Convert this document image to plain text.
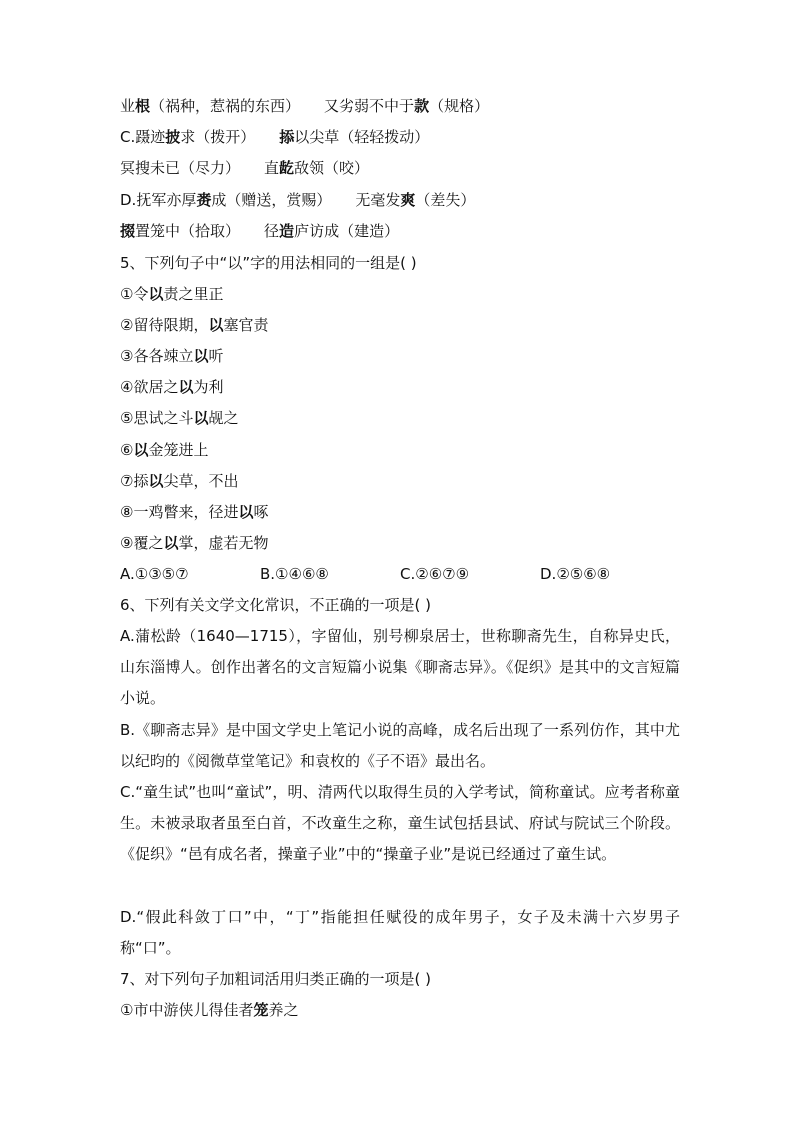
业根（祸种，惹祸的东西） 又劣弱不中于款（规格）
C.蹑迹披求（拨开） 掭以尖草（轻轻拨动）
冥搜未已（尽力） 直龁敌领（咬）
D.抚军亦厚赉成（赠送，赏赐） 无毫发爽（差失）
掇置笼中（拾取） 径造庐访成（建造）
5、下列句子中“以”字的用法相同的一组是( )
①令以责之里正
②留待限期，以塞官责
③各各竦立以听
④欲居之以为利
⑤思试之斗以觇之
⑥以金笼进上
⑦掭以尖草，不出
⑧一鸡瞥来，径进以啄
⑨覆之以掌，虚若无物
A.①③⑤⑦	B.①④⑥⑧	C.②⑥⑦⑨	D.②⑤⑥⑧
6、下列有关文学文化常识，不正确的一项是( )
A.蒲松龄（1640—1715），字留仙，别号柳泉居士，世称聊斋先生，自称异史氏，山东淄博人。创作出著名的文言短篇小说集《聊斋志异》。《促织》是其中的文言短篇小说。
B.《聊斋志异》是中国文学史上笔记小说的高峰，成名后出现了一系列仿作，其中尤以纪昀的《阅微草堂笔记》和袁枚的《子不语》最出名。
C.“童生试”也叫“童试”，明、清两代以取得生员的入学考试，简称童试。应考者称童生。未被录取者虽至白首，不改童生之称，童生试包括县试、府试与院试三个阶段。《促织》“邑有成名者，操童子业”中的“操童子业”是说已经通过了童生试。
D.“假此科敛丁口”中，“丁”指能担任赋役的成年男子，女子及未满十六岁男子称“口”。
7、对下列句子加粗词活用归类正确的一项是( )
①市中游侠儿得佳者笼养之
